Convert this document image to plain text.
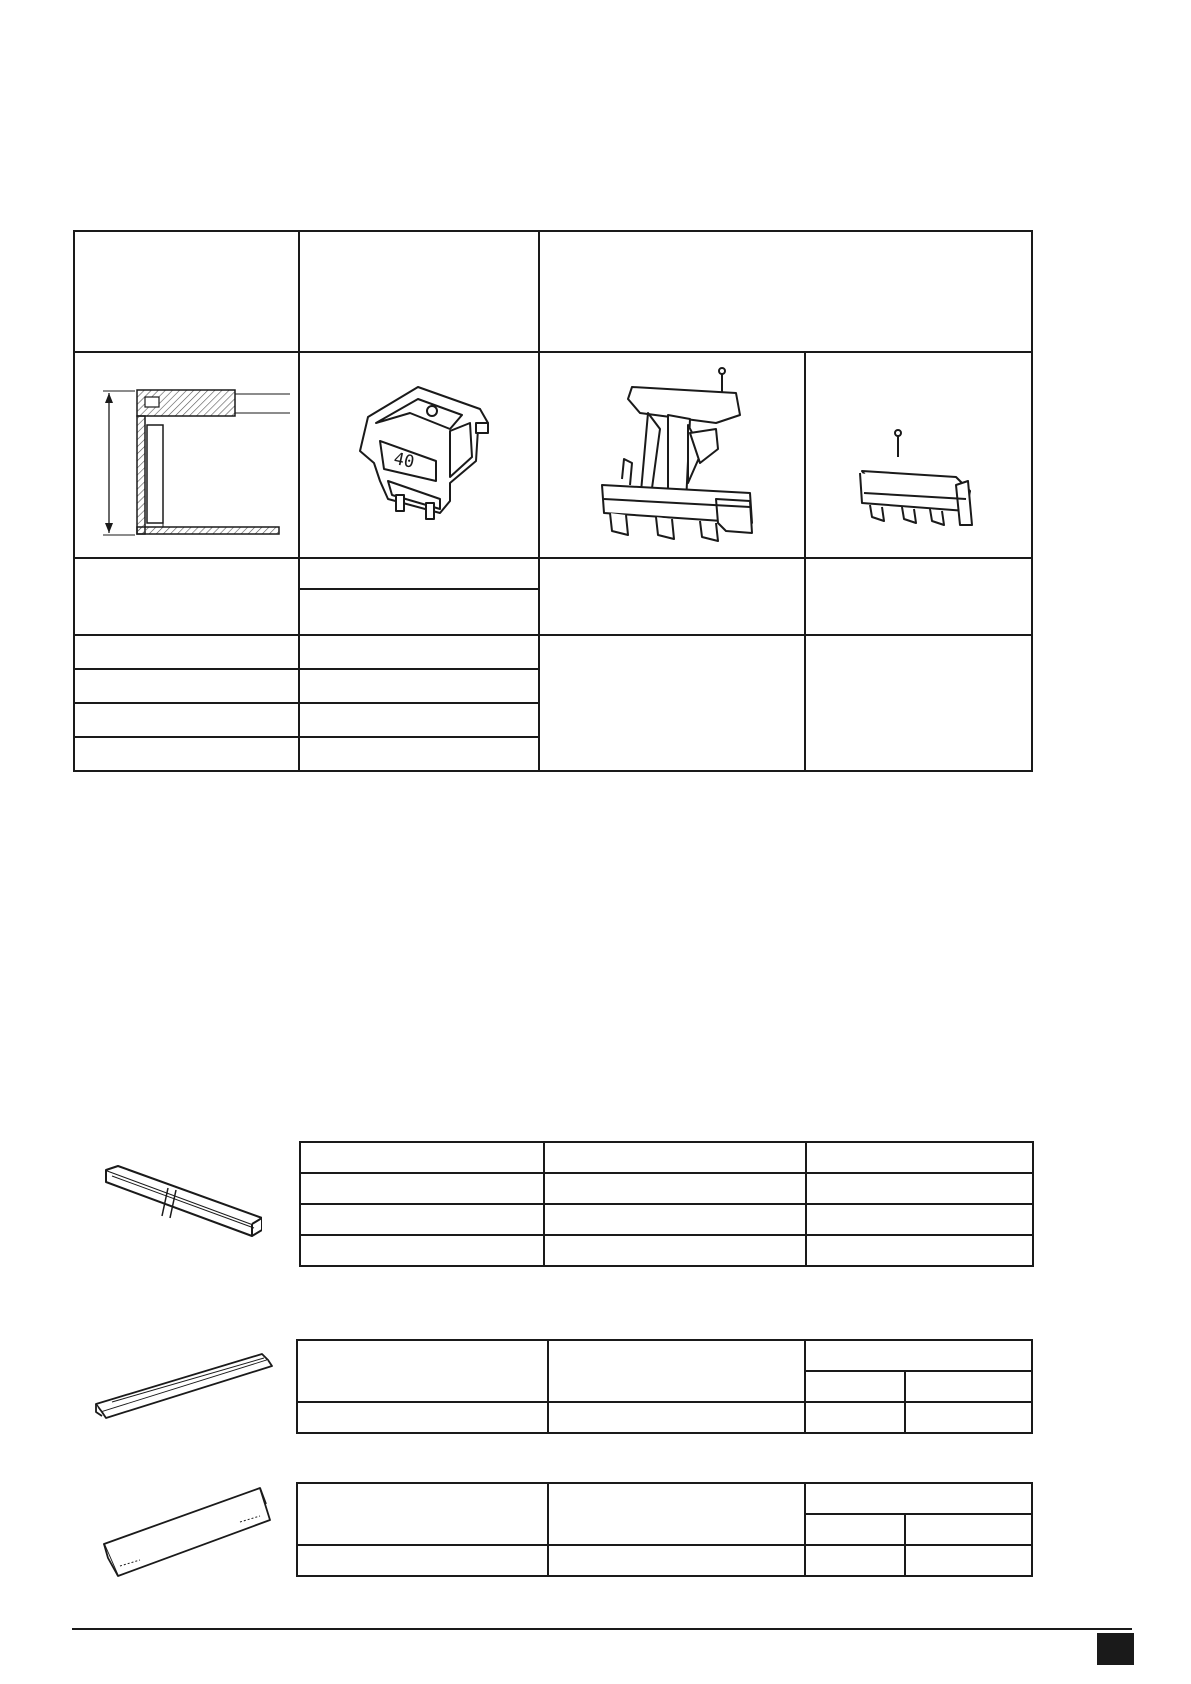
40
